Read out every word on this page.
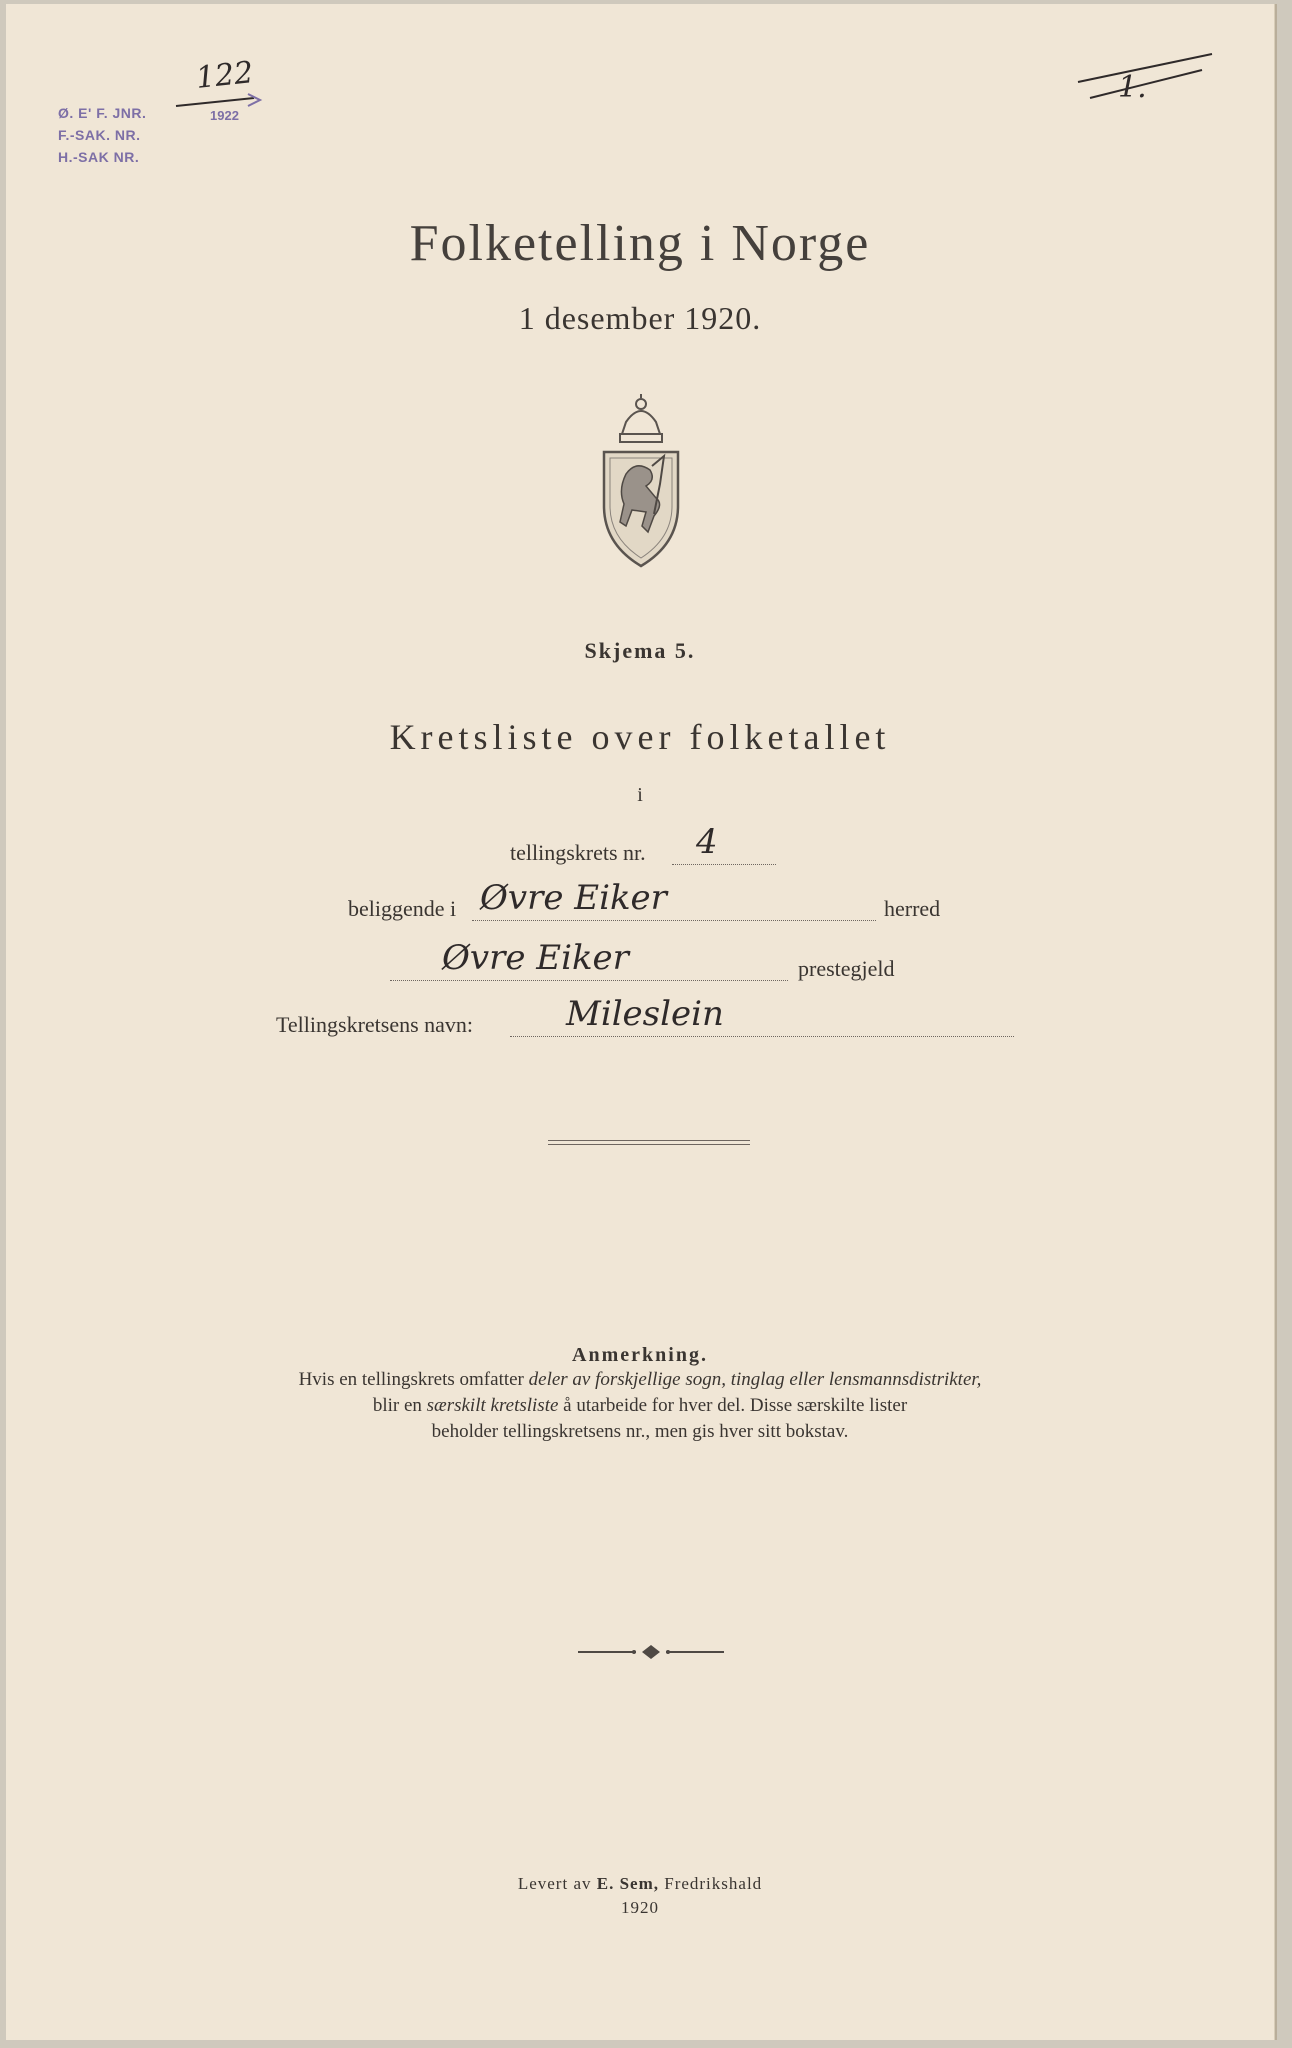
Ø. E' F. JNR.
F.-SAK. NR.
H.-SAK NR.
1922
122	1.
Folketelling i Norge
1 desember 1920.
Skjema 5.
Kretsliste over folketallet
i
tellingskrets nr. 4
beliggende i Øvre Eiker	herred
Øvre Eiker	prestegjeld
Tellingskretsens navn:	Mileslein
Anmerkning.
Hvis en tellingskrets omfatter deler av forskjellige sogn, tinglag eller lensmannsdistrikter,
blir en særskilt kretsliste å utarbeide for hver del. Disse særskilte lister
beholder tellingskretsens nr., men gis hver sitt bokstav.
Levert av E. Sem, Fredrikshald
1920
